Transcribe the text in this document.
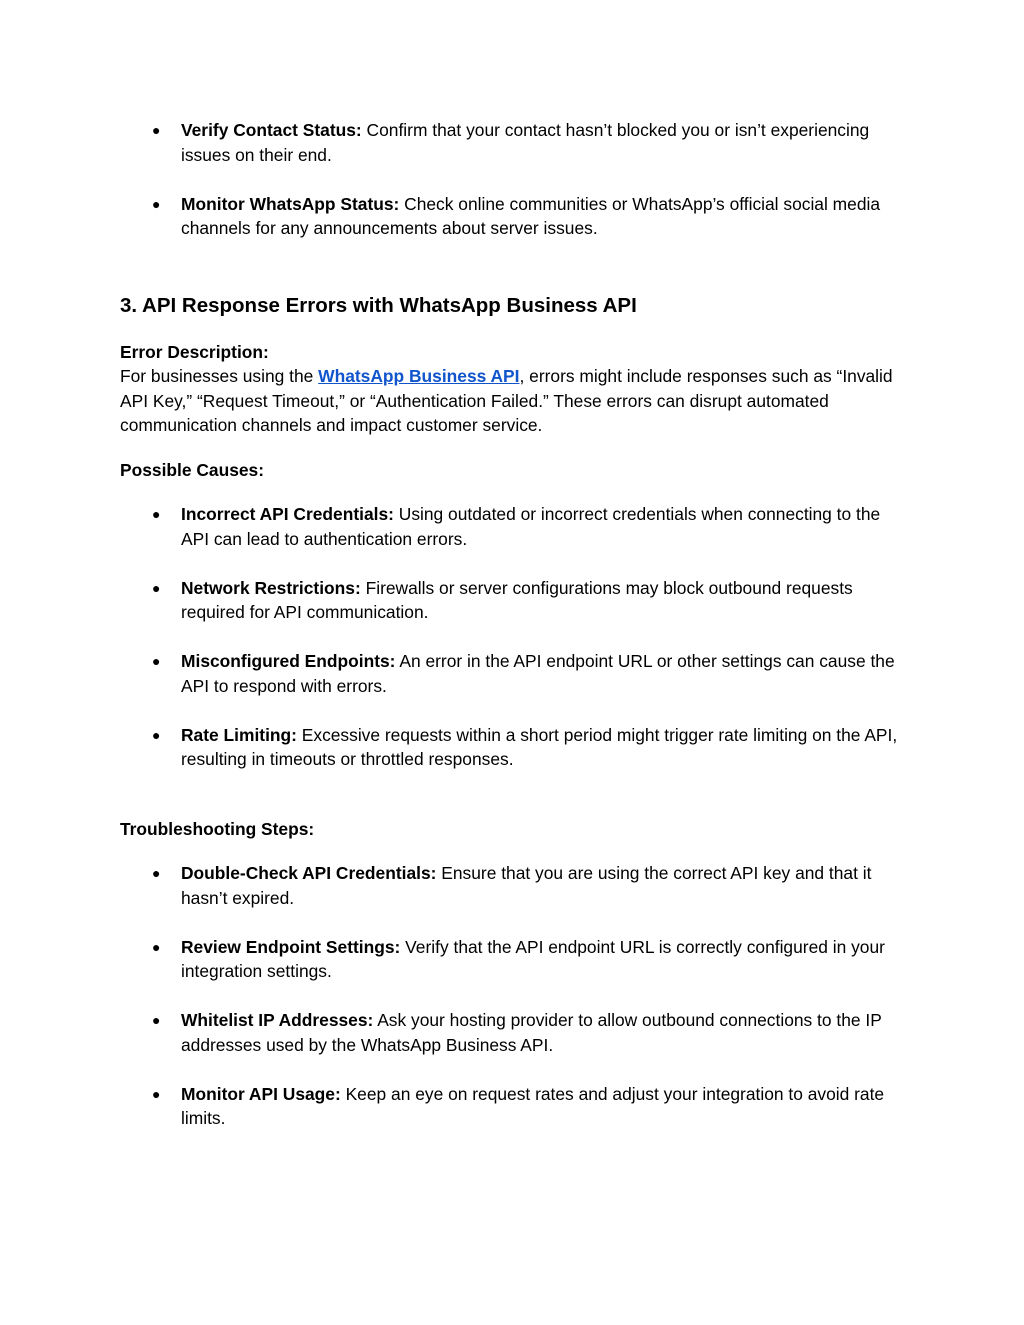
● Verify Contact Status: Confirm that your contact hasn’t blocked you or isn’t experiencing issues on their end.
● Monitor WhatsApp Status: Check online communities or WhatsApp’s official social media channels for any announcements about server issues.
3. API Response Errors with WhatsApp Business API

Error Description:

For businesses using the WhatsApp Business API, errors might include responses such as “Invalid API Key,” “Request Timeout,” or “Authentication Failed.” These errors can disrupt automated communication channels and impact customer service.

Possible Causes:

● Incorrect API Credentials: Using outdated or incorrect credentials when connecting to the API can lead to authentication errors.
● Network Restrictions: Firewalls or server configurations may block outbound requests required for API communication.
● Misconfigured Endpoints: An error in the API endpoint URL or other settings can cause the API to respond with errors.
● Rate Limiting: Excessive requests within a short period might trigger rate limiting on the API, resulting in timeouts or throttled responses.

Troubleshooting Steps:

● Double-Check API Credentials: Ensure that you are using the correct API key and that it hasn’t expired.
● Review Endpoint Settings: Verify that the API endpoint URL is correctly configured in your integration settings.
● Whitelist IP Addresses: Ask your hosting provider to allow outbound connections to the IP addresses used by the WhatsApp Business API.
● Monitor API Usage: Keep an eye on request rates and adjust your integration to avoid rate limits.
